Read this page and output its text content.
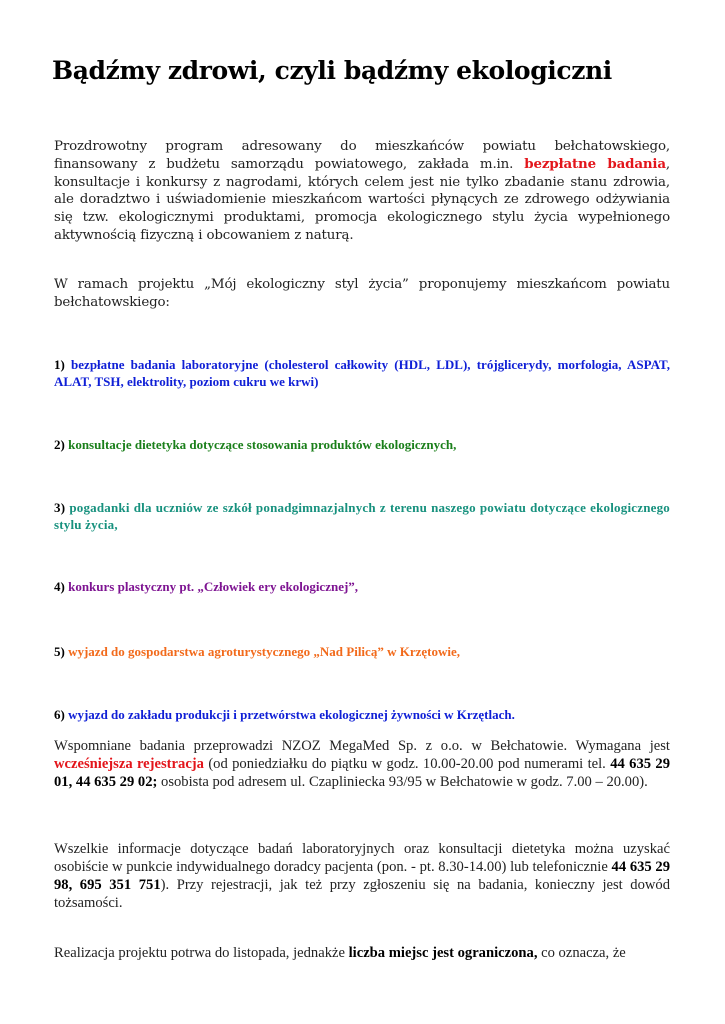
Bądźmy zdrowi, czyli bądźmy ekologiczni

Prozdrowotny program adresowany do mieszkańców powiatu bełchatowskiego, finansowany z budżetu samorządu powiatowego, zakłada m.in. bezpłatne badania, konsultacje i konkursy z nagrodami, których celem jest nie tylko zbadanie stanu zdrowia, ale doradztwo i uświadomienie mieszkańcom wartości płynących ze zdrowego odżywiania się tzw. ekologicznymi produktami, promocja ekologicznego stylu życia wypełnionego aktywnością fizyczną i obcowaniem z naturą.

W ramach projektu „Mój ekologiczny styl życia” proponujemy mieszkańcom powiatu bełchatowskiego:

1) bezpłatne badania laboratoryjne (cholesterol całkowity (HDL, LDL), trójglicerydy, morfologia, ASPAT, ALAT, TSH, elektrolity, poziom cukru we krwi)

2) konsultacje dietetyka dotyczące stosowania produktów ekologicznych,

3) pogadanki dla uczniów ze szkół ponadgimnazjalnych z terenu naszego powiatu dotyczące ekologicznego stylu życia,

4) konkurs plastyczny pt. „Człowiek ery ekologicznej”,

5) wyjazd do gospodarstwa agroturystycznego „Nad Pilicą” w Krzętowie,

6) wyjazd do zakładu produkcji i przetwórstwa ekologicznej żywności w Krzętlach.

Wspomniane badania przeprowadzi NZOZ MegaMed Sp. z o.o. w Bełchatowie. Wymagana jest wcześniejsza rejestracja (od poniedziałku do piątku w godz. 10.00-20.00 pod numerami tel. 44 635 29 01, 44 635 29 02; osobista pod adresem ul. Czapliniecka 93/95 w Bełchatowie w godz. 7.00 – 20.00).

Wszelkie informacje dotyczące badań laboratoryjnych oraz konsultacji dietetyka można uzyskać osobiście w punkcie indywidualnego doradcy pacjenta (pon. - pt. 8.30-14.00) lub telefonicznie 44 635 29 98, 695 351 751). Przy rejestracji, jak też przy zgłoszeniu się na badania, konieczny jest dowód tożsamości.

Realizacja projektu potrwa do listopada, jednakże liczba miejsc jest ograniczona, co oznacza, że
